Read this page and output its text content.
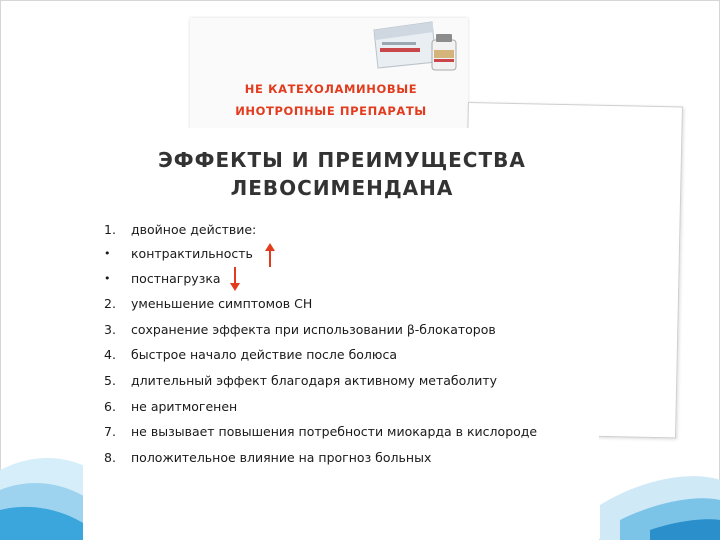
НЕ КАТЕХОЛАМИНОВЫЕ
ИНОТРОПНЫЕ ПРЕПАРАТЫ
ЭФФЕКТЫ И ПРЕИМУЩЕСТВА
ЛЕВОСИМЕНДАНА
1.	двойное действие:
•	контрактильность
•	постнагрузка
2.	уменьшение симптомов СН
3.	сохранение эффекта при использовании β-блокаторов
4.	быстрое начало действие после болюса
5.	длительный эффект благодаря активному метаболиту
6.	не аритмогенен
7.	не вызывает повышения потребности миокарда в кислороде
8.	положительное влияние на прогноз больных
